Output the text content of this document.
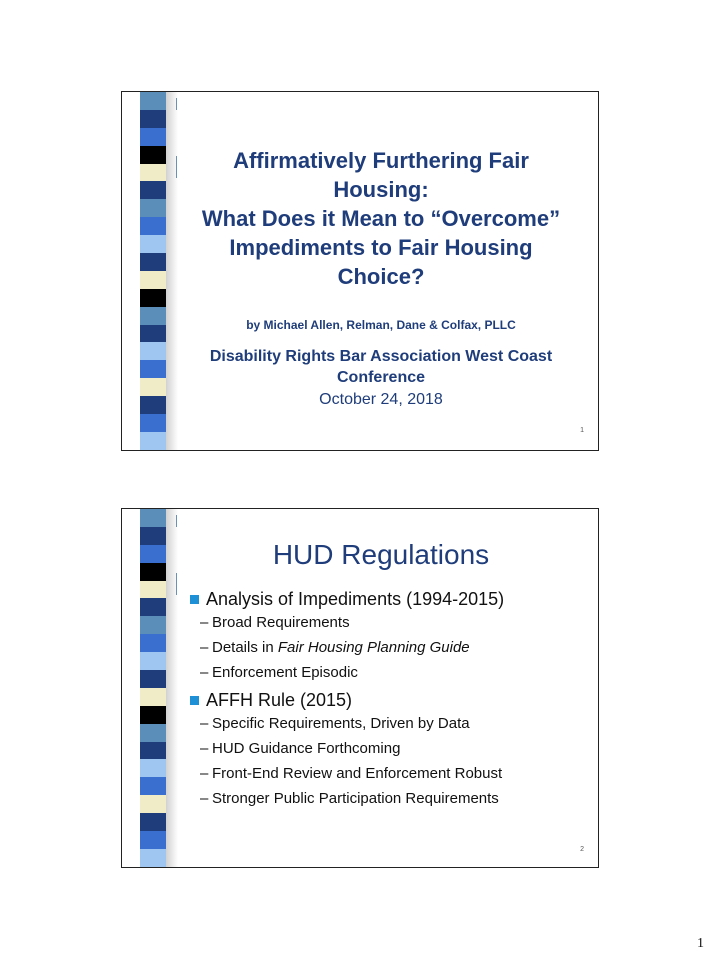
Affirmatively Furthering Fair
Housing:
What Does it Mean to “Overcome”
Impediments to Fair Housing
Choice?

by Michael Allen, Relman, Dane & Colfax, PLLC

Disability Rights Bar Association West Coast
Conference

October 24, 2018

1
HUD Regulations
Analysis of Impediments (1994-2015)
– Broad Requirements
– Details in Fair Housing Planning Guide
– Enforcement Episodic
AFFH Rule (2015)
– Specific Requirements, Driven by Data
– HUD Guidance Forthcoming
– Front-End Review and Enforcement Robust
– Stronger Public Participation Requirements
2
1
